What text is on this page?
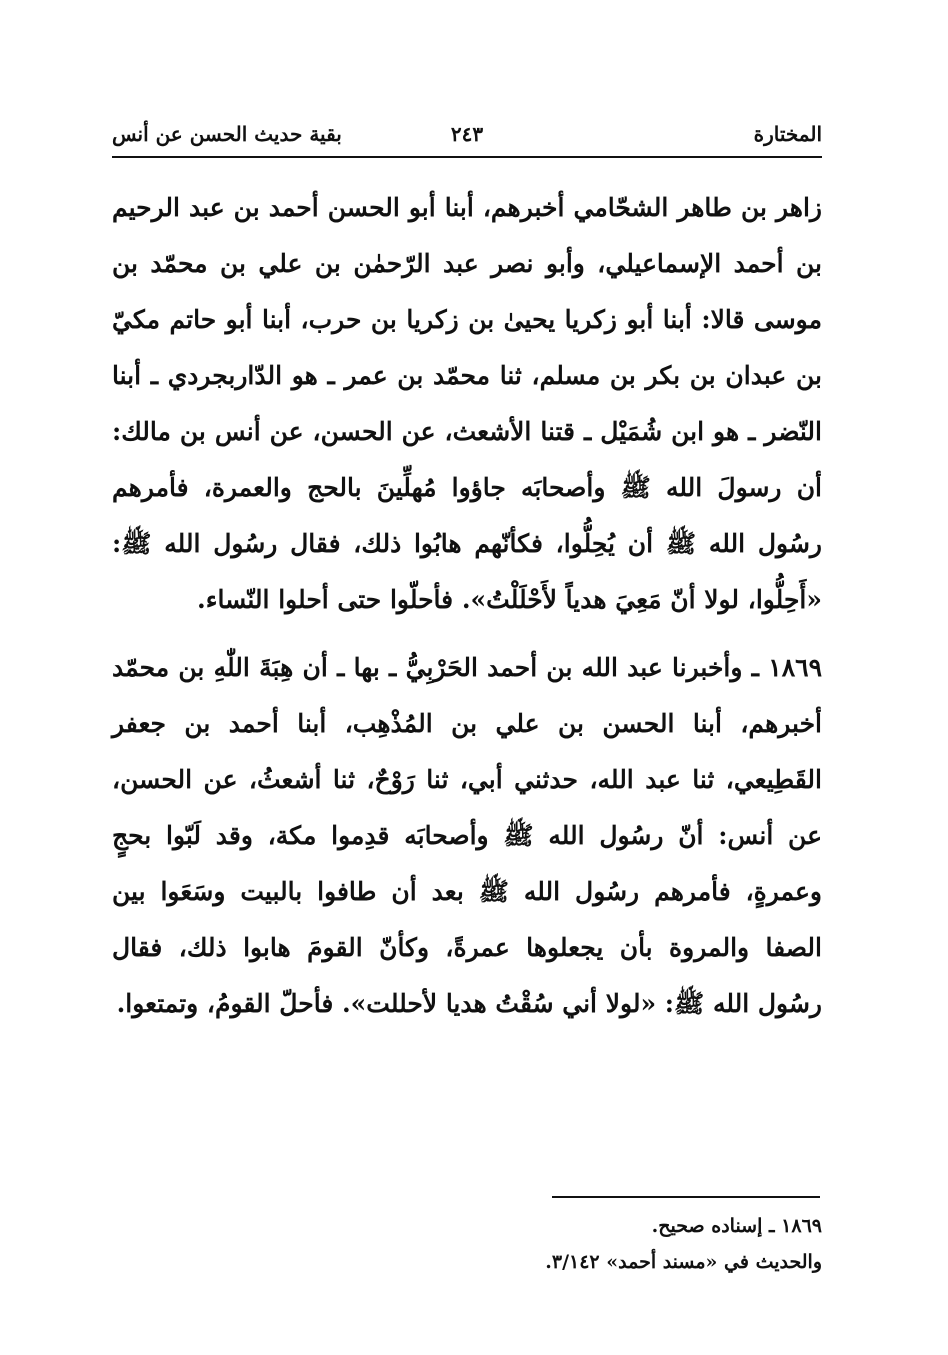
المختارة
٢٤٣
بقية حديث الحسن عن أنس

زاهر بن طاهر الشحّامي أخبرهم، أبنا أبو الحسن أحمد بن عبد الرحيم بن أحمد الإسماعيلي، وأبو نصر عبد الرّحمٰن بن علي بن محمّد بن موسى قالا: أبنا أبو زكريا يحيىٰ بن زكريا بن حرب، أبنا أبو حاتم مكيّ بن عبدان بن بكر بن مسلم، ثنا محمّد بن عمر ـ هو الدّاربجردي ـ أبنا النّضر ـ هو ابن شُمَيْل ـ قتنا الأشعث، عن الحسن، عن أنس بن مالك: أن رسولَ الله ﷺ وأصحابَه جاؤوا مُهلِّينَ بالحج والعمرة، فأمرهم رسُول الله ﷺ أن يُحِلُّوا، فكأنّهم هابُوا ذلك، فقال رسُول الله ﷺ: «أَحِلُّوا، لولا أنّ مَعِيَ هدياً لأَحْلَلْتُ». فأحلّوا حتى أحلوا النّساء.

١٨٦٩ ـ وأخبرنا عبد الله بن أحمد الحَرْبِيُّ ـ بها ـ أن هِبَةَ اللّٰهِ بن محمّد أخبرهم، أبنا الحسن بن علي بن المُذْهِب، أبنا أحمد بن جعفر القَطِيعي، ثنا عبد الله، حدثني أبي، ثنا رَوْحٌ، ثنا أشعثُ، عن الحسن، عن أنس: أنّ رسُول الله ﷺ وأصحابَه قدِموا مكة، وقد لَبّوا بحجٍ وعمرةٍ، فأمرهم رسُول الله ﷺ بعد أن طافوا بالبيت وسَعَوا بين الصفا والمروة بأن يجعلوها عمرةً، وكأنّ القومَ هابوا ذلك، فقال رسُول الله ﷺ: «لولا أني سُقْتُ هديا لأحللت». فأحلّ القومُ، وتمتعوا.

١٨٦٩ ـ إسناده صحيح.

والحديث في «مسند أحمد» ٣/١٤٢.
